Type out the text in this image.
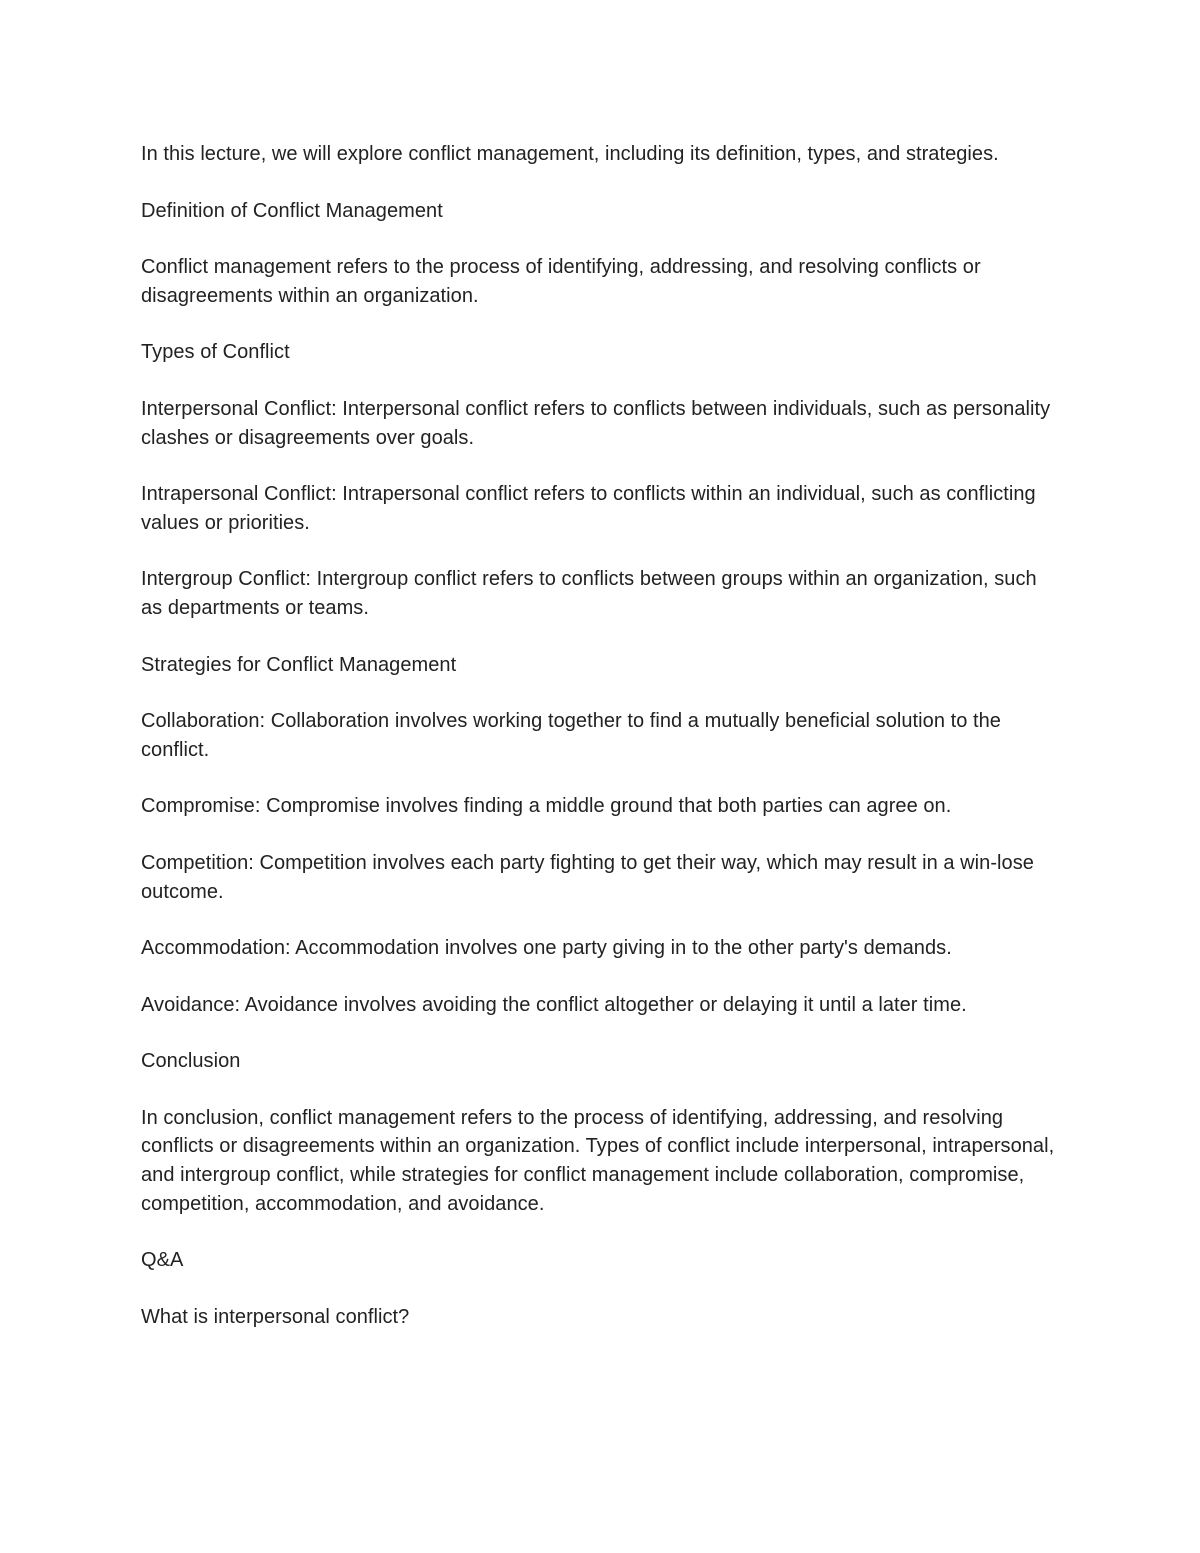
In this lecture, we will explore conflict management, including its definition, types, and strategies.

Definition of Conflict Management

Conflict management refers to the process of identifying, addressing, and resolving conflicts or disagreements within an organization.

Types of Conflict

Interpersonal Conflict: Interpersonal conflict refers to conflicts between individuals, such as personality clashes or disagreements over goals.

Intrapersonal Conflict: Intrapersonal conflict refers to conflicts within an individual, such as conflicting values or priorities.

Intergroup Conflict: Intergroup conflict refers to conflicts between groups within an organization, such as departments or teams.

Strategies for Conflict Management

Collaboration: Collaboration involves working together to find a mutually beneficial solution to the conflict.

Compromise: Compromise involves finding a middle ground that both parties can agree on.

Competition: Competition involves each party fighting to get their way, which may result in a win-lose outcome.

Accommodation: Accommodation involves one party giving in to the other party's demands.

Avoidance: Avoidance involves avoiding the conflict altogether or delaying it until a later time.

Conclusion

In conclusion, conflict management refers to the process of identifying, addressing, and resolving conflicts or disagreements within an organization. Types of conflict include interpersonal, intrapersonal, and intergroup conflict, while strategies for conflict management include collaboration, compromise, competition, accommodation, and avoidance.

Q&A

What is interpersonal conflict?
